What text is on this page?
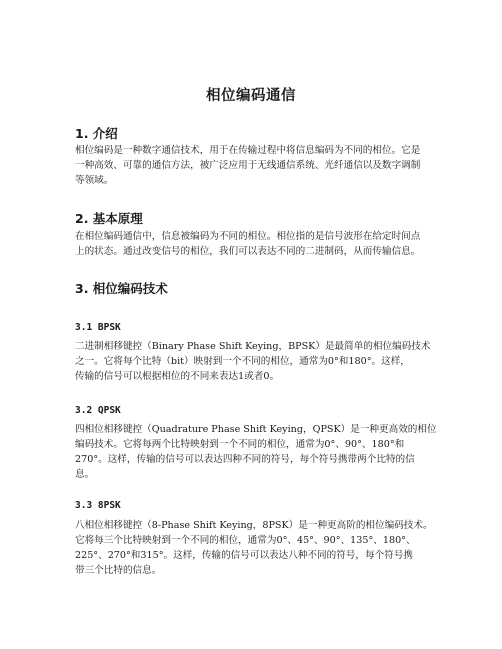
相位编码通信
1. 介绍

相位编码是一种数字通信技术，用于在传输过程中将信息编码为不同的相位。它是
一种高效、可靠的通信方法，被广泛应用于无线通信系统、光纤通信以及数字调制
等领域。

2. 基本原理

在相位编码通信中，信息被编码为不同的相位。相位指的是信号波形在给定时间点
上的状态。通过改变信号的相位，我们可以表达不同的二进制码，从而传输信息。

3. 相位编码技术
3.1 BPSK

二进制相移键控（Binary Phase Shift Keying，BPSK）是最简单的相位编码技术
之一。它将每个比特（bit）映射到一个不同的相位，通常为0°和180°。这样，
传输的信号可以根据相位的不同来表达1或者0。

3.2 QPSK

四相位相移键控（Quadrature Phase Shift Keying，QPSK）是一种更高效的相位
编码技术。它将每两个比特映射到一个不同的相位，通常为0°、90°、180°和
270°。这样，传输的信号可以表达四种不同的符号，每个符号携带两个比特的信
息。

3.3 8PSK

八相位相移键控（8-Phase Shift Keying，8PSK）是一种更高阶的相位编码技术。
它将每三个比特映射到一个不同的相位，通常为0°、45°、90°、135°、180°、
225°、270°和315°。这样，传输的信号可以表达八种不同的符号，每个符号携
带三个比特的信息。
